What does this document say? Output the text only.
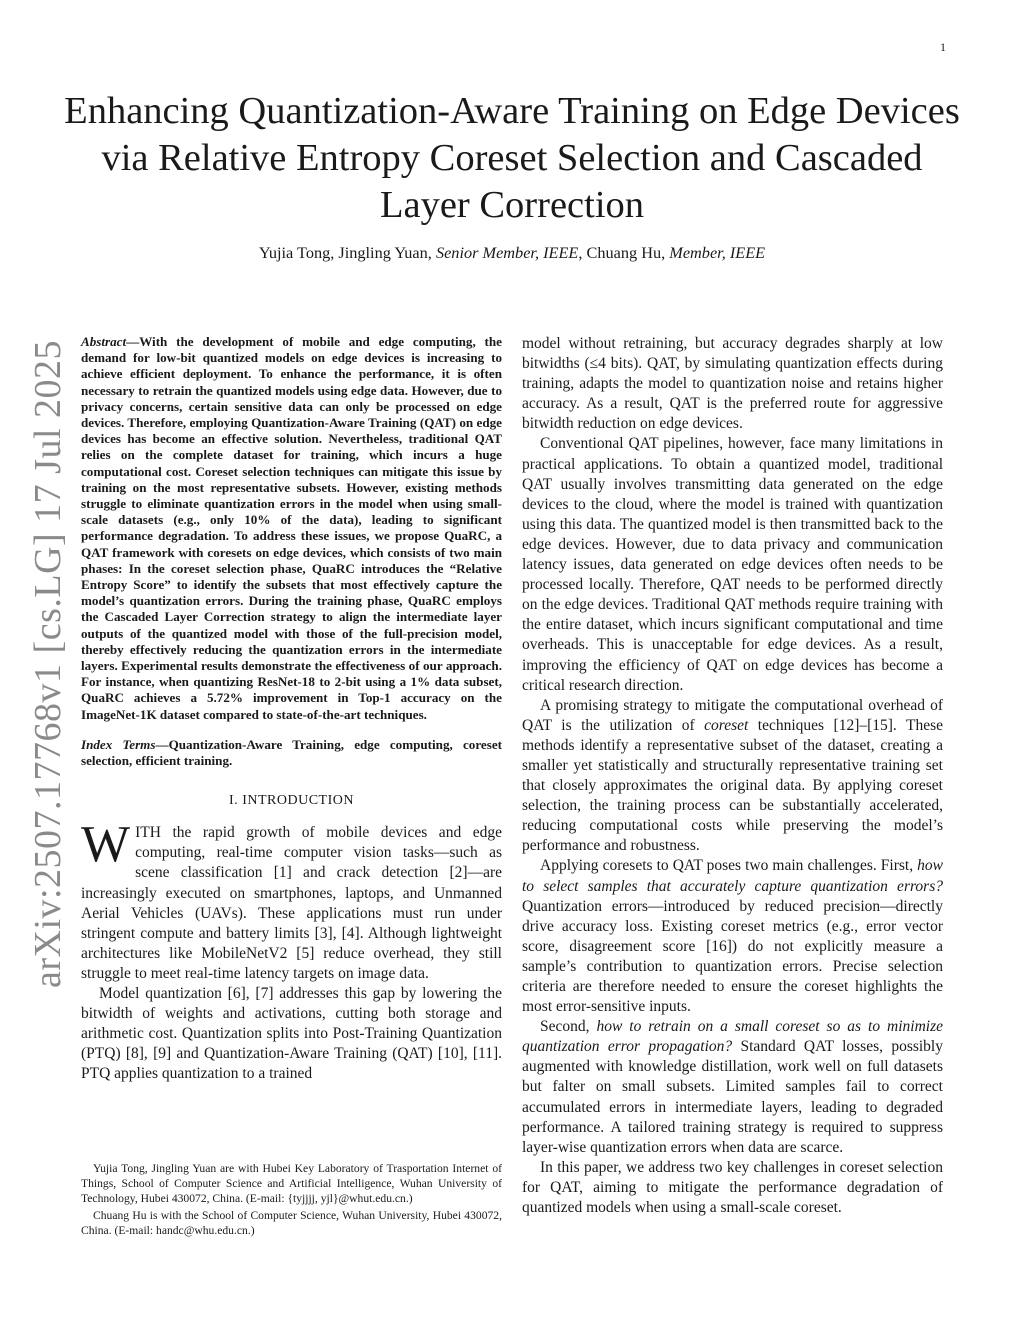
1
arXiv:2507.17768v1 [cs.LG] 17 Jul 2025
Enhancing Quantization-Aware Training on Edge Devices via Relative Entropy Coreset Selection and Cascaded Layer Correction

Yujia Tong, Jingling Yuan, Senior Member, IEEE, Chuang Hu, Member, IEEE

Abstract—With the development of mobile and edge computing, the demand for low-bit quantized models on edge devices is increasing to achieve efficient deployment. To enhance the performance, it is often necessary to retrain the quantized models using edge data. However, due to privacy concerns, certain sensitive data can only be processed on edge devices. Therefore, employing Quantization-Aware Training (QAT) on edge devices has become an effective solution. Nevertheless, traditional QAT relies on the complete dataset for training, which incurs a huge computational cost. Coreset selection techniques can mitigate this issue by training on the most representative subsets. However, existing methods struggle to eliminate quantization errors in the model when using small-scale datasets (e.g., only 10% of the data), leading to significant performance degradation. To address these issues, we propose QuaRC, a QAT framework with coresets on edge devices, which consists of two main phases: In the coreset selection phase, QuaRC introduces the “Relative Entropy Score” to identify the subsets that most effectively capture the model’s quantization errors. During the training phase, QuaRC employs the Cascaded Layer Correction strategy to align the intermediate layer outputs of the quantized model with those of the full-precision model, thereby effectively reducing the quantization errors in the intermediate layers. Experimental results demonstrate the effectiveness of our approach. For instance, when quantizing ResNet-18 to 2-bit using a 1% data subset, QuaRC achieves a 5.72% improvement in Top-1 accuracy on the ImageNet-1K dataset compared to state-of-the-art techniques.

Index Terms—Quantization-Aware Training, edge computing, coreset selection, efficient training.

I. INTRODUCTION

WITH the rapid growth of mobile devices and edge computing, real-time computer vision tasks—such as scene classification [1] and crack detection [2]—are increasingly executed on smartphones, laptops, and Unmanned Aerial Vehicles (UAVs). These applications must run under stringent compute and battery limits [3], [4]. Although lightweight architectures like MobileNetV2 [5] reduce overhead, they still struggle to meet real-time latency targets on image data.

Model quantization [6], [7] addresses this gap by lowering the bitwidth of weights and activations, cutting both storage and arithmetic cost. Quantization splits into Post-Training Quantization (PTQ) [8], [9] and Quantization-Aware Training (QAT) [10], [11]. PTQ applies quantization to a trained

model without retraining, but accuracy degrades sharply at low bitwidths (≤4 bits). QAT, by simulating quantization effects during training, adapts the model to quantization noise and retains higher accuracy. As a result, QAT is the preferred route for aggressive bitwidth reduction on edge devices.

Conventional QAT pipelines, however, face many limitations in practical applications. To obtain a quantized model, traditional QAT usually involves transmitting data generated on the edge devices to the cloud, where the model is trained with quantization using this data. The quantized model is then transmitted back to the edge devices. However, due to data privacy and communication latency issues, data generated on edge devices often needs to be processed locally. Therefore, QAT needs to be performed directly on the edge devices. Traditional QAT methods require training with the entire dataset, which incurs significant computational and time overheads. This is unacceptable for edge devices. As a result, improving the efficiency of QAT on edge devices has become a critical research direction.

A promising strategy to mitigate the computational overhead of QAT is the utilization of coreset techniques [12]–[15]. These methods identify a representative subset of the dataset, creating a smaller yet statistically and structurally representative training set that closely approximates the original data. By applying coreset selection, the training process can be substantially accelerated, reducing computational costs while preserving the model’s performance and robustness.

Applying coresets to QAT poses two main challenges. First, how to select samples that accurately capture quantization errors? Quantization errors—introduced by reduced precision—directly drive accuracy loss. Existing coreset metrics (e.g., error vector score, disagreement score [16]) do not explicitly measure a sample’s contribution to quantization errors. Precise selection criteria are therefore needed to ensure the coreset highlights the most error-sensitive inputs.

Second, how to retrain on a small coreset so as to minimize quantization error propagation? Standard QAT losses, possibly augmented with knowledge distillation, work well on full datasets but falter on small subsets. Limited samples fail to correct accumulated errors in intermediate layers, leading to degraded performance. A tailored training strategy is required to suppress layer-wise quantization errors when data are scarce.

In this paper, we address two key challenges in coreset selection for QAT, aiming to mitigate the performance degradation of quantized models when using a small-scale coreset.

Yujia Tong, Jingling Yuan are with Hubei Key Laboratory of Trasportation Internet of Things, School of Computer Science and Artificial Intelligence, Wuhan University of Technology, Hubei 430072, China. (E-mail: {tyjjjj, yjl}@whut.edu.cn.)

Chuang Hu is with the School of Computer Science, Wuhan University, Hubei 430072, China. (E-mail: handc@whu.edu.cn.)
